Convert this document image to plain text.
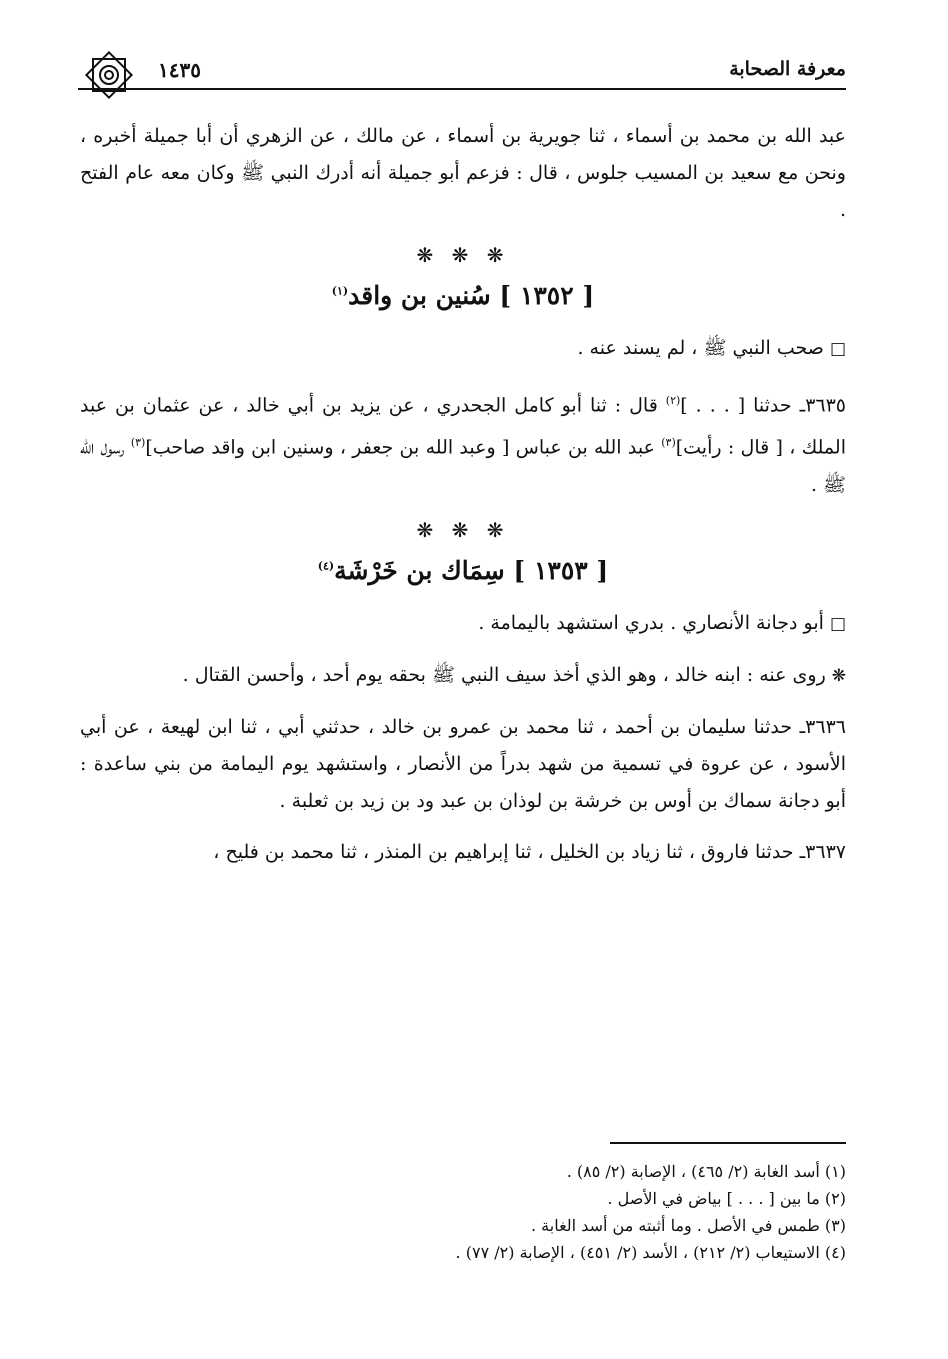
١٤٣٥	معرفة الصحابة

عبد الله بن محمد بن أسماء ، ثنا جويرية بن أسماء ، عن مالك ، عن الزهري أن أبا جميلة أخبره ، ونحن مع سعيد بن المسيب جلوس ، قال : فزعم أبو جميلة أنه أدرك النبي ﷺ وكان معه عام الفتح .

❋ ❋ ❋
[ ١٣٥٢ ] سُنين بن واقد$^{(١)}$

□صحب النبي ﷺ ، لم يسند عنه .

٣٦٣٥ـ حدثنا [ . . . ]$^{(٢)}$ قال : ثنا أبو كامل الجحدري ، عن يزيد بن أبي خالد ، عن عثمان بن عبد الملك ، [ قال : رأيت]$^{(٣)}$ عبد الله بن عباس [ وعبد الله بن جعفر ، وسنين ابن واقد صاحب]$^{(٣)}$ رسول الله ﷺ .

❋ ❋ ❋
[ ١٣٥٣ ] سِمَاك بن خَرْشَة$^{(٤)}$

□أبو دجانة الأنصاري . بدري استشهد باليمامة .

❋روى عنه : ابنه خالد ، وهو الذي أخذ سيف النبي ﷺ بحقه يوم أحد ، وأحسن القتال .

٣٦٣٦ـ حدثنا سليمان بن أحمد ، ثنا محمد بن عمرو بن خالد ، حدثني أبي ، ثنا ابن لهيعة ، عن أبي الأسود ، عن عروة في تسمية من شهد بدراً من الأنصار ، واستشهد يوم اليمامة من بني ساعدة : أبو دجانة سماك بن أوس بن خرشة بن لوذان بن عبد ود بن زيد بن ثعلبة .

٣٦٣٧ـ حدثنا فاروق ، ثنا زياد بن الخليل ، ثنا إبراهيم بن المنذر ، ثنا محمد بن فليح ،

(١) أسد الغابة (٢/ ٤٦٥) ، الإصابة (٢/ ٨٥) .
(٢) ما بين [ . . . ] بياض في الأصل .
(٣) طمس في الأصل . وما أثبته من أسد الغابة .
(٤) الاستيعاب (٢/ ٢١٢) ، الأسد (٢/ ٤٥١) ، الإصابة (٢/ ٧٧) .
